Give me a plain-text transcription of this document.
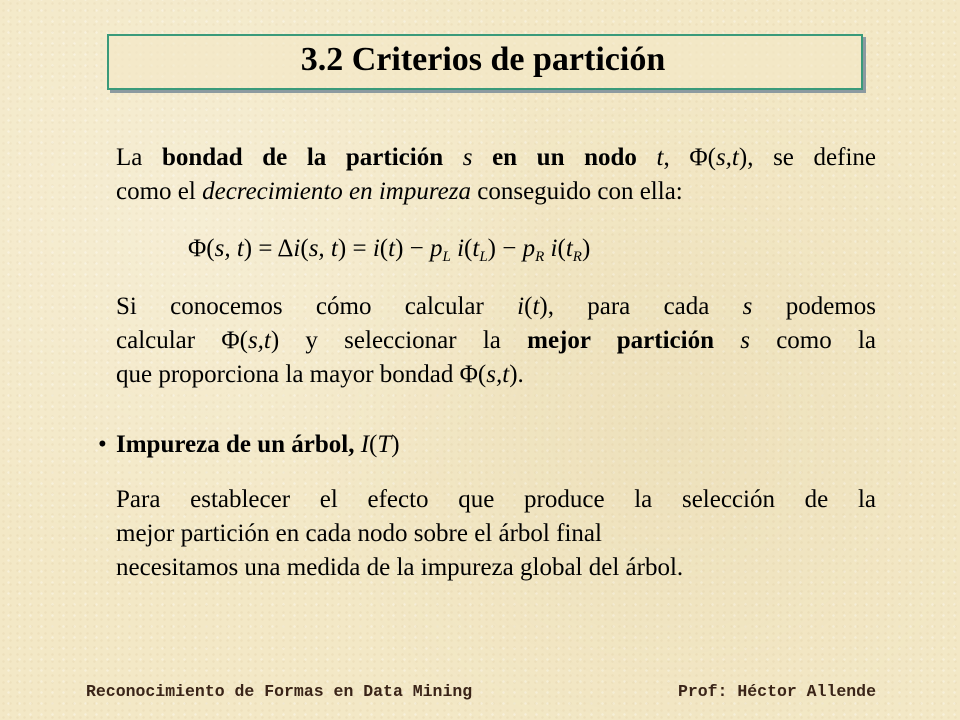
3.2 Criterios de partición

La bondad de la partición s en un nodo t, Φ(s,t), se define
como el decrecimiento en impureza conseguido con ella:

Φ(s, t) = Δi(s, $t) = i(t) - p_L$ $i(t_L) - p_R$ $i(t_R)$

Si conocemos cómo calcular i(t), para cada s podemos
calcular Φ(s,t) y seleccionar la mejor partición s como la
que proporciona la mayor bondad Φ(s,t).

• Impureza de un árbol, I(T)

Para establecer el efecto que produce la selección de la
mejor partición en cada nodo sobre el árbol final
necesitamos una medida de la impureza global del árbol.

Reconocimiento de Formas en Data Mining	Prof: Héctor Allende
